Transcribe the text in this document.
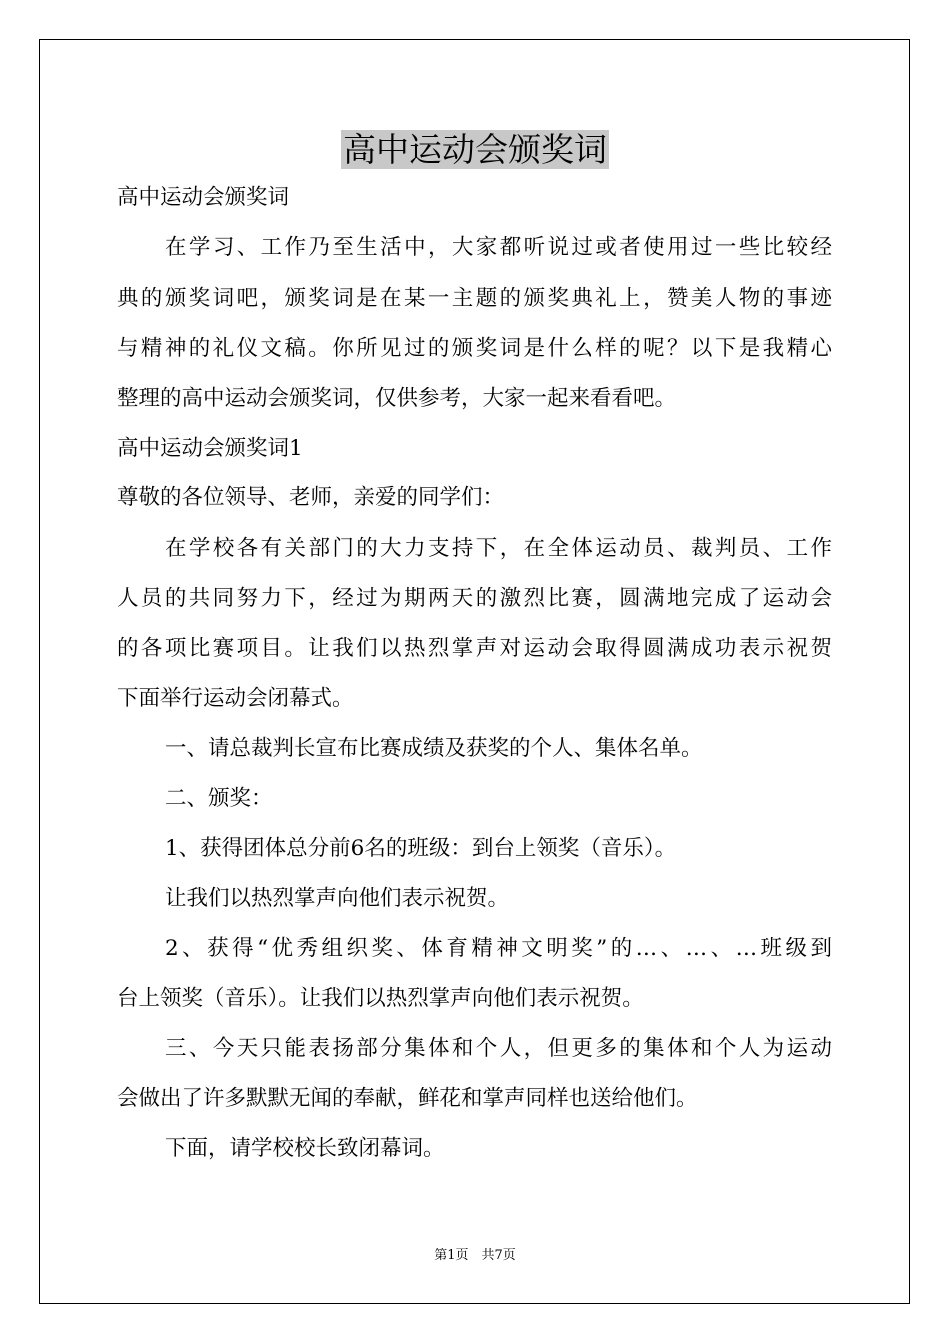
高中运动会颁奖词
高中运动会颁奖词
在学习、工作乃至生活中，大家都听说过或者使用过一些比较经
典的颁奖词吧，颁奖词是在某一主题的颁奖典礼上，赞美人物的事迹
与精神的礼仪文稿。你所见过的颁奖词是什么样的呢？以下是我精心
整理的高中运动会颁奖词，仅供参考，大家一起来看看吧。
高中运动会颁奖词1
尊敬的各位领导、老师，亲爱的同学们：
在学校各有关部门的大力支持下，在全体运动员、裁判员、工作
人员的共同努力下，经过为期两天的激烈比赛，圆满地完成了运动会
的各项比赛项目。让我们以热烈掌声对运动会取得圆满成功表示祝贺
下面举行运动会闭幕式。
一、请总裁判长宣布比赛成绩及获奖的个人、集体名单。
二、颁奖：
1、获得团体总分前6名的班级：到台上领奖（音乐）。
让我们以热烈掌声向他们表示祝贺。
2、获得“优秀组织奖、体育精神文明奖”的…、…、…班级到
台上领奖（音乐）。让我们以热烈掌声向他们表示祝贺。
三、今天只能表扬部分集体和个人，但更多的集体和个人为运动
会做出了许多默默无闻的奉献，鲜花和掌声同样也送给他们。
下面，请学校校长致闭幕词。
第1页　共7页
